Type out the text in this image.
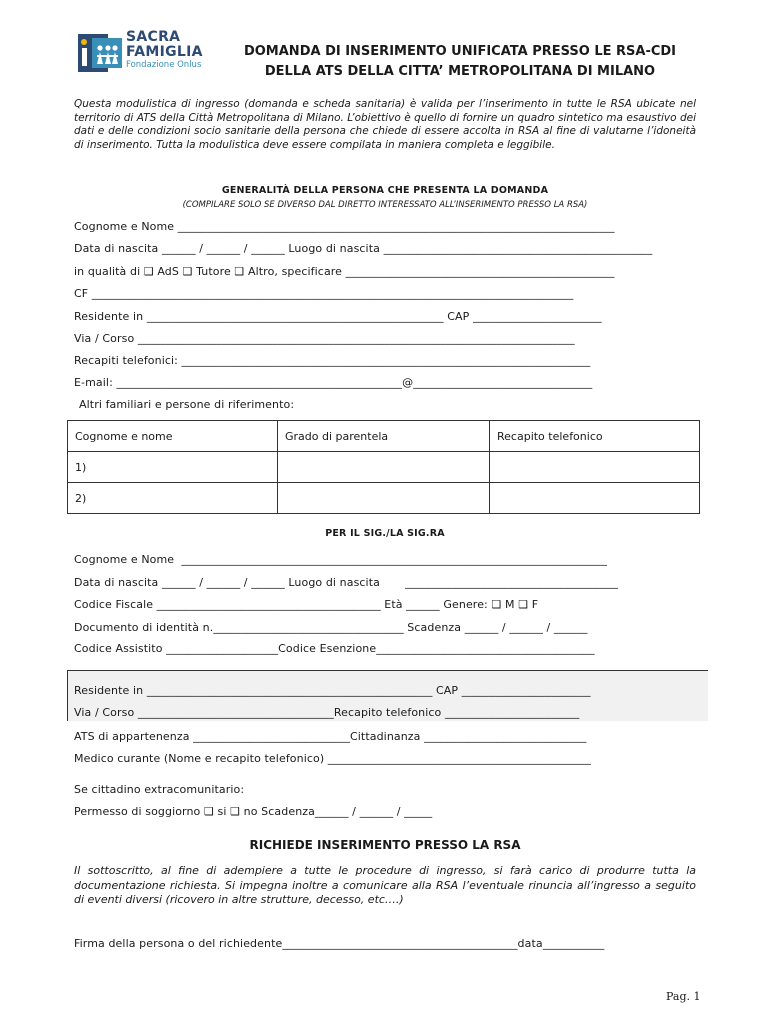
SACRA
FAMIGLIA
Fondazione Onlus
DOMANDA DI INSERIMENTO UNIFICATA PRESSO LE RSA-CDI
DELLA ATS DELLA CITTA’ METROPOLITANA DI MILANO
Questa modulistica di ingresso (domanda e scheda sanitaria) è valida per l’inserimento in tutte le RSA ubicate nel territorio di ATS della Città Metropolitana di Milano. L’obiettivo è quello di fornire un quadro sintetico ma esaustivo dei dati e delle condizioni socio sanitarie della persona che chiede di essere accolta in RSA al fine di valutarne l’idoneità di inserimento. Tutta la modulistica deve essere compilata in maniera completa e leggibile.
GENERALITÀ DELLA PERSONA CHE PRESENTA LA DOMANDA
(COMPILARE SOLO SE DIVERSO DAL DIRETTO INTERESSATO ALL’INSERIMENTO PRESSO LA RSA)
Cognome e Nome ______________________________________________________________________________
Data di nascita ______ / ______ / ______ Luogo di nascita ________________________________________________
in qualità di ❑ AdS ❑ Tutore ❑ Altro, specificare ________________________________________________
CF ______________________________________________________________________________________
Residente in _____________________________________________________ CAP _______________________
Via / Corso ______________________________________________________________________________
Recapiti telefonici: _________________________________________________________________________
E-mail: ___________________________________________________@________________________________
Altri familiari e persone di riferimento:
Cognome e nome	Grado di parentela	Recapito telefonico
1)		
2)		
PER IL SIG./LA SIG.RA
Cognome e Nome  ____________________________________________________________________________
Data di nascita ______ / ______ / ______ Luogo di nascita       ______________________________________
Codice Fiscale ________________________________________ Età ______ Genere: ❑ M ❑ F
Documento di identità n.__________________________________ Scadenza ______ / ______ / ______
Codice Assistito ____________________Codice Esenzione_______________________________________
Residente in ___________________________________________________ CAP _______________________
Via / Corso ___________________________________Recapito telefonico ________________________
ATS di appartenenza ____________________________Cittadinanza _____________________________
Medico curante (Nome e recapito telefonico) _______________________________________________
Se cittadino extracomunitario:
Permesso di soggiorno ❑ si ❑ no Scadenza______ / ______ / _____
RICHIEDE INSERIMENTO PRESSO LA RSA
Il sottoscritto, al fine di adempiere a tutte le procedure di ingresso, si farà carico di produrre tutta la documentazione richiesta. Si impegna inoltre a comunicare alla RSA l’eventuale rinuncia all’ingresso a seguito di eventi diversi (ricovero in altre strutture, decesso, etc….)
Firma della persona o del richiedente__________________________________________data___________
Pag. 1
